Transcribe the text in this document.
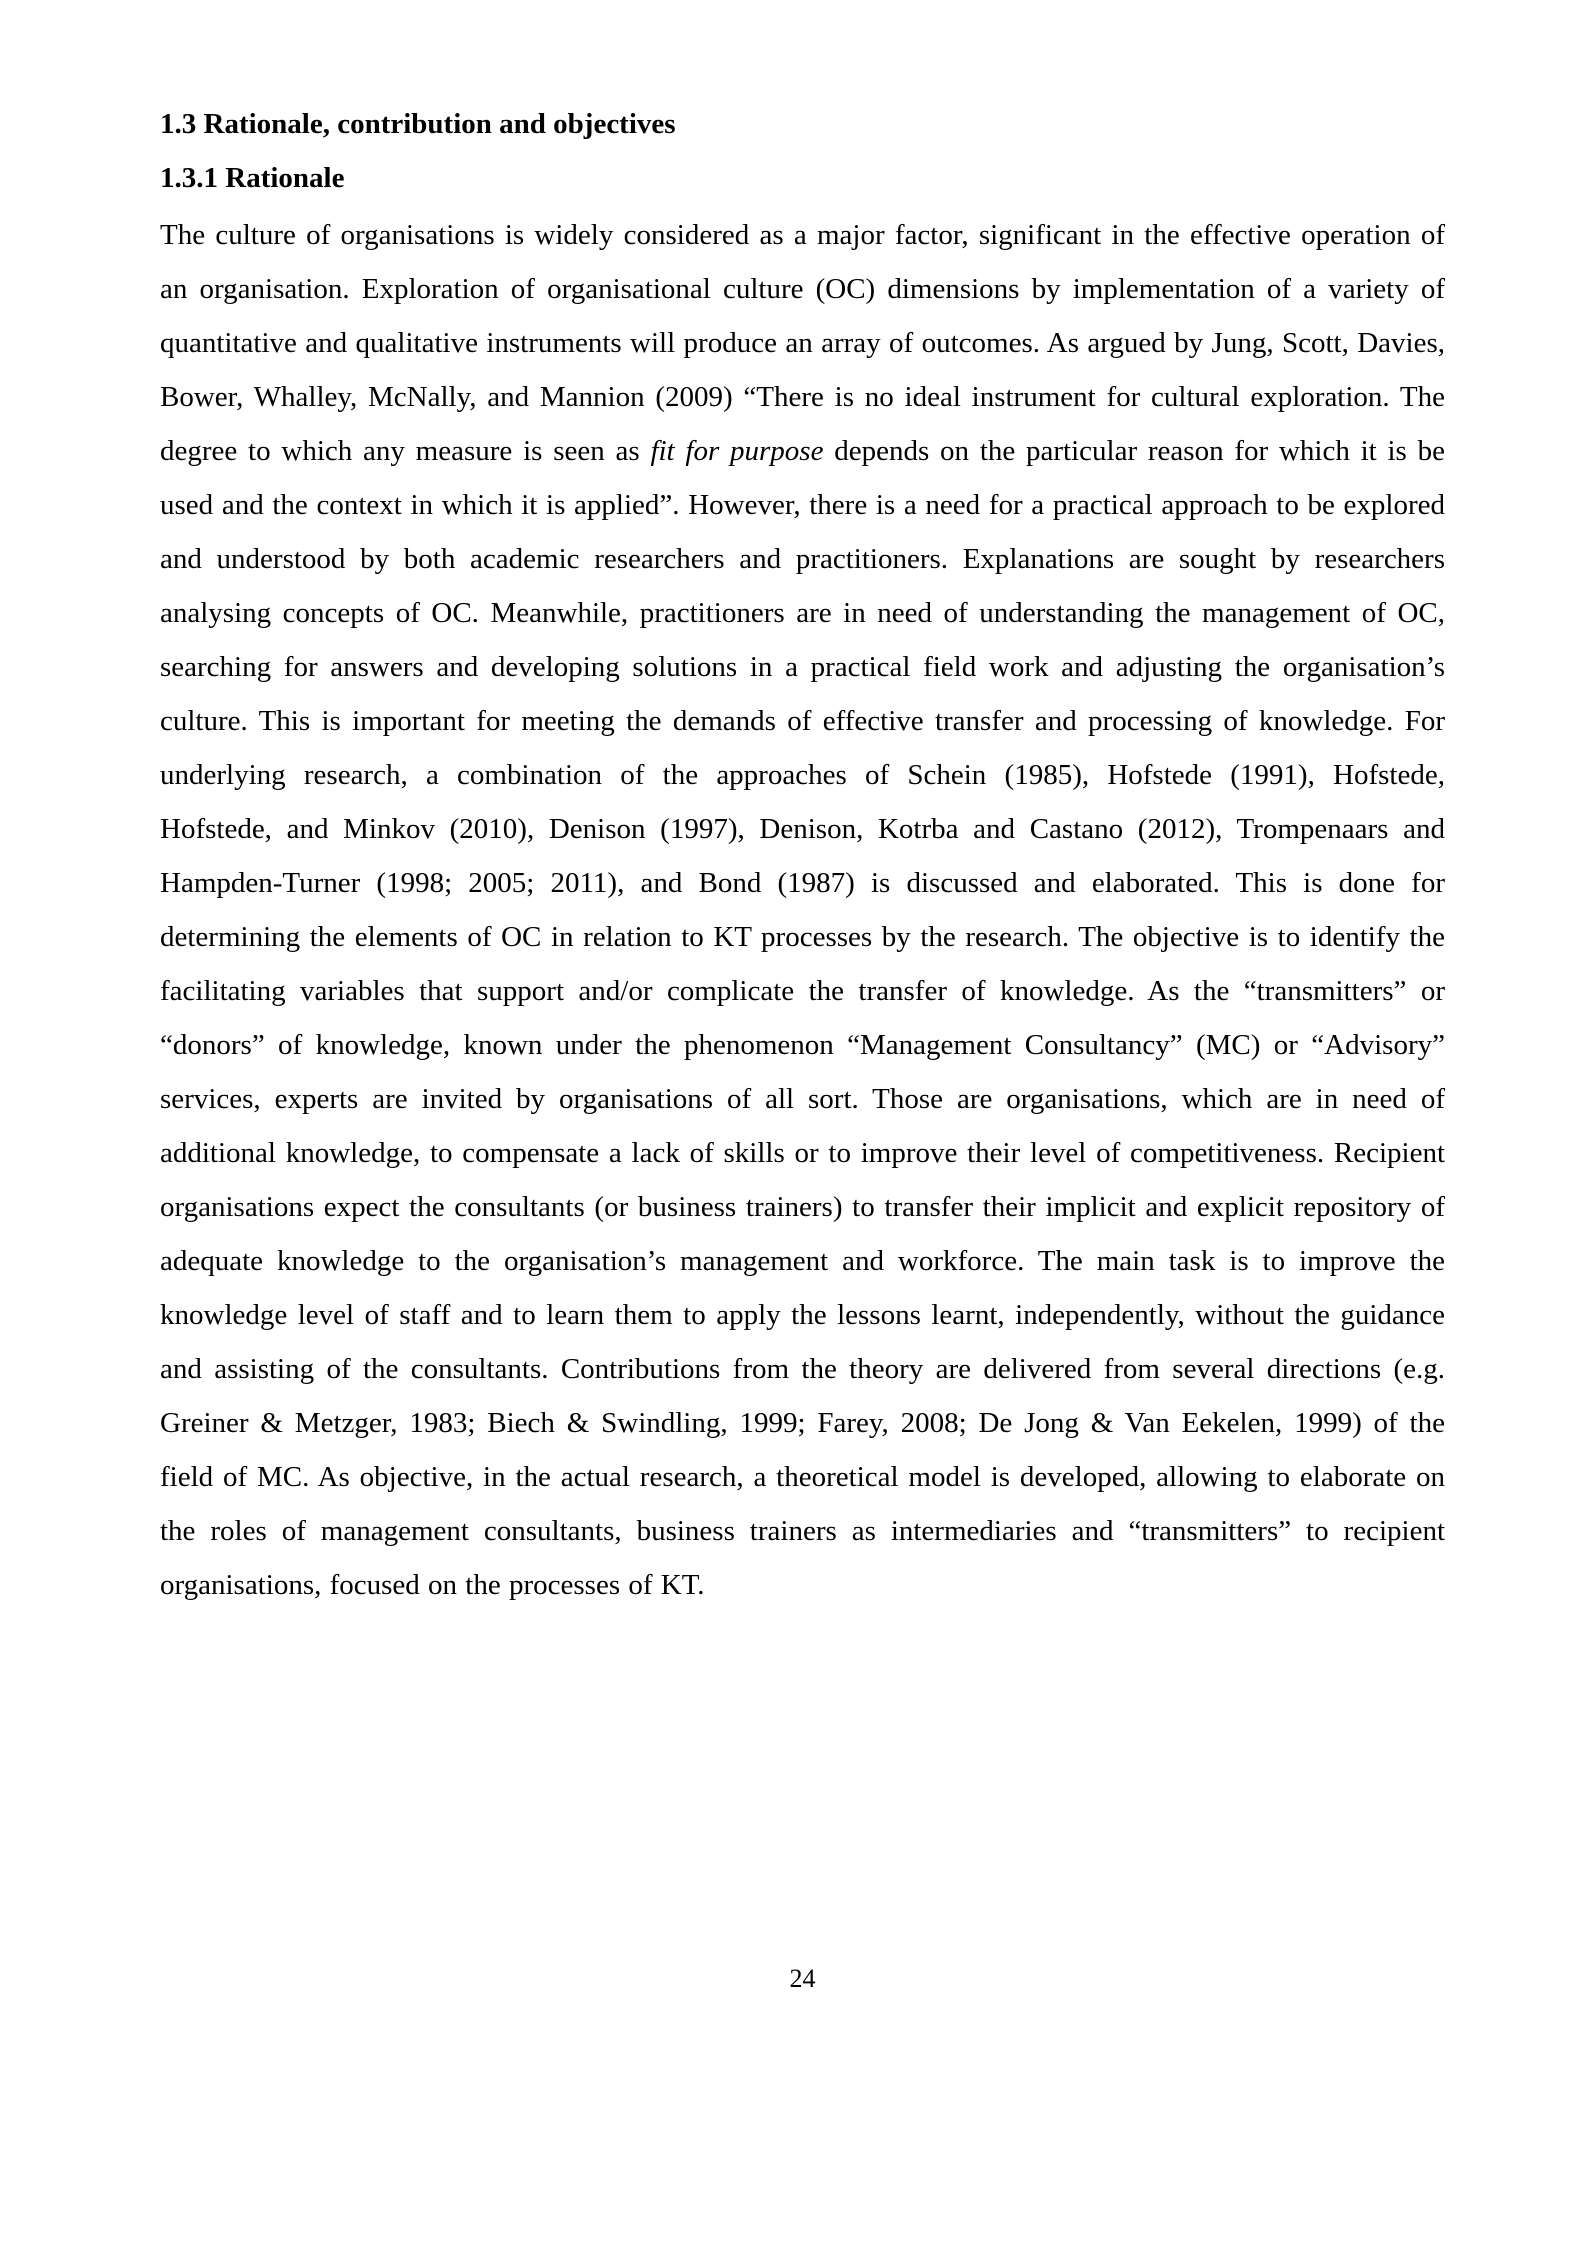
1.3 Rationale, contribution and objectives
1.3.1 Rationale

The culture of organisations is widely considered as a major factor, significant in the effective operation of an organisation. Exploration of organisational culture (OC) dimensions by implementation of a variety of quantitative and qualitative instruments will produce an array of outcomes. As argued by Jung, Scott, Davies, Bower, Whalley, McNally, and Mannion (2009) “There is no ideal instrument for cultural exploration. The degree to which any measure is seen as fit for purpose depends on the particular reason for which it is be used and the context in which it is applied”. However, there is a need for a practical approach to be explored and understood by both academic researchers and practitioners. Explanations are sought by researchers analysing concepts of OC. Meanwhile, practitioners are in need of understanding the management of OC, searching for answers and developing solutions in a practical field work and adjusting the organisation’s culture. This is important for meeting the demands of effective transfer and processing of knowledge. For underlying research, a combination of the approaches of Schein (1985), Hofstede (1991), Hofstede, Hofstede, and Minkov (2010), Denison (1997), Denison, Kotrba and Castano (2012), Trompenaars and Hampden-Turner (1998; 2005; 2011), and Bond (1987) is discussed and elaborated. This is done for determining the elements of OC in relation to KT processes by the research. The objective is to identify the facilitating variables that support and/or complicate the transfer of knowledge. As the “transmitters” or “donors” of knowledge, known under the phenomenon “Management Consultancy” (MC) or “Advisory” services, experts are invited by organisations of all sort. Those are organisations, which are in need of additional knowledge, to compensate a lack of skills or to improve their level of competitiveness. Recipient organisations expect the consultants (or business trainers) to transfer their implicit and explicit repository of adequate knowledge to the organisation’s management and workforce. The main task is to improve the knowledge level of staff and to learn them to apply the lessons learnt, independently, without the guidance and assisting of the consultants. Contributions from the theory are delivered from several directions (e.g. Greiner & Metzger, 1983; Biech & Swindling, 1999; Farey, 2008; De Jong & Van Eekelen, 1999) of the field of MC. As objective, in the actual research, a theoretical model is developed, allowing to elaborate on the roles of management consultants, business trainers as intermediaries and “transmitters” to recipient organisations, focused on the processes of KT.

24
